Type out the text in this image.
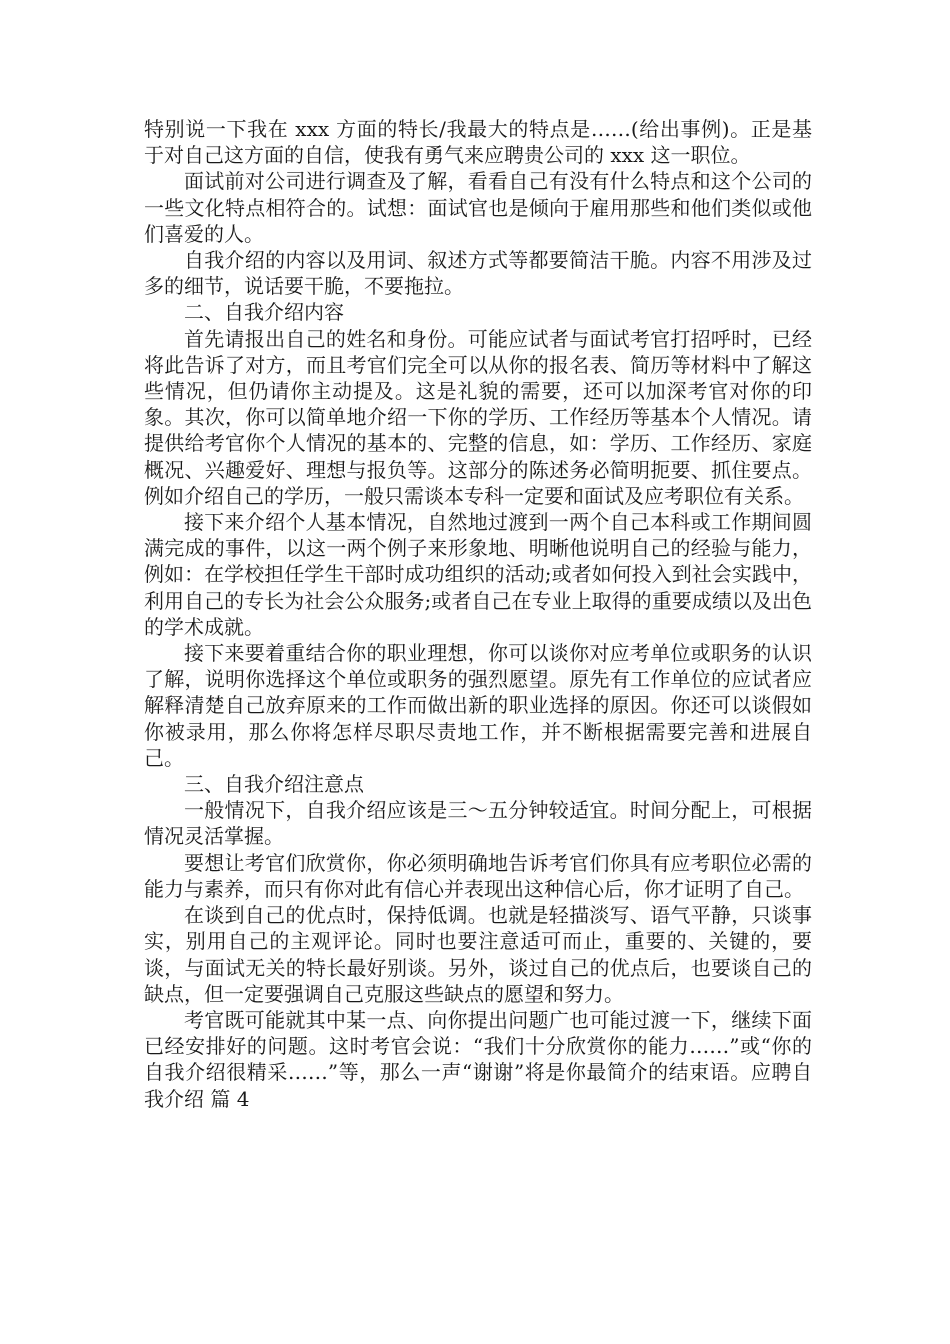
特别说一下我在 xxx 方面的特长/我最大的特点是……(给出事例)。正是基于对自己这方面的自信，使我有勇气来应聘贵公司的 xxx 这一职位。

面试前对公司进行调查及了解，看看自己有没有什么特点和这个公司的一些文化特点相符合的。试想：面试官也是倾向于雇用那些和他们类似或他们喜爱的人。

自我介绍的内容以及用词、叙述方式等都要简洁干脆。内容不用涉及过多的细节，说话要干脆，不要拖拉。

二、自我介绍内容

首先请报出自己的姓名和身份。可能应试者与面试考官打招呼时，已经将此告诉了对方，而且考官们完全可以从你的报名表、简历等材料中了解这些情况，但仍请你主动提及。这是礼貌的需要，还可以加深考官对你的印象。其次，你可以简单地介绍一下你的学历、工作经历等基本个人情况。请提供给考官你个人情况的基本的、完整的信息，如：学历、工作经历、家庭概况、兴趣爱好、理想与报负等。这部分的陈述务必简明扼要、抓住要点。例如介绍自己的学历，一般只需谈本专科一定要和面试及应考职位有关系。

接下来介绍个人基本情况，自然地过渡到一两个自己本科或工作期间圆满完成的事件，以这一两个例子来形象地、明晰他说明自己的经验与能力，例如：在学校担任学生干部时成功组织的活动;或者如何投入到社会实践中，利用自己的专长为社会公众服务;或者自己在专业上取得的重要成绩以及出色的学术成就。

接下来要着重结合你的职业理想，你可以谈你对应考单位或职务的认识了解，说明你选择这个单位或职务的强烈愿望。原先有工作单位的应试者应解释清楚自己放弃原来的工作而做出新的职业选择的原因。你还可以谈假如你被录用，那么你将怎样尽职尽责地工作，并不断根据需要完善和进展自己。

三、自我介绍注意点

一般情况下，自我介绍应该是三～五分钟较适宜。时间分配上，可根据情况灵活掌握。

要想让考官们欣赏你，你必须明确地告诉考官们你具有应考职位必需的能力与素养，而只有你对此有信心并表现出这种信心后，你才证明了自己。

在谈到自己的优点时，保持低调。也就是轻描淡写、语气平静，只谈事实，别用自己的主观评论。同时也要注意适可而止，重要的、关键的，要谈，与面试无关的特长最好别谈。另外，谈过自己的优点后，也要谈自己的缺点，但一定要强调自己克服这些缺点的愿望和努力。

考官既可能就其中某一点、向你提出问题广也可能过渡一下，继续下面已经安排好的问题。这时考官会说：“我们十分欣赏你的能力……”或“你的自我介绍很精采……”等，那么一声“谢谢”将是你最简介的结束语。应聘自我介绍 篇 4
